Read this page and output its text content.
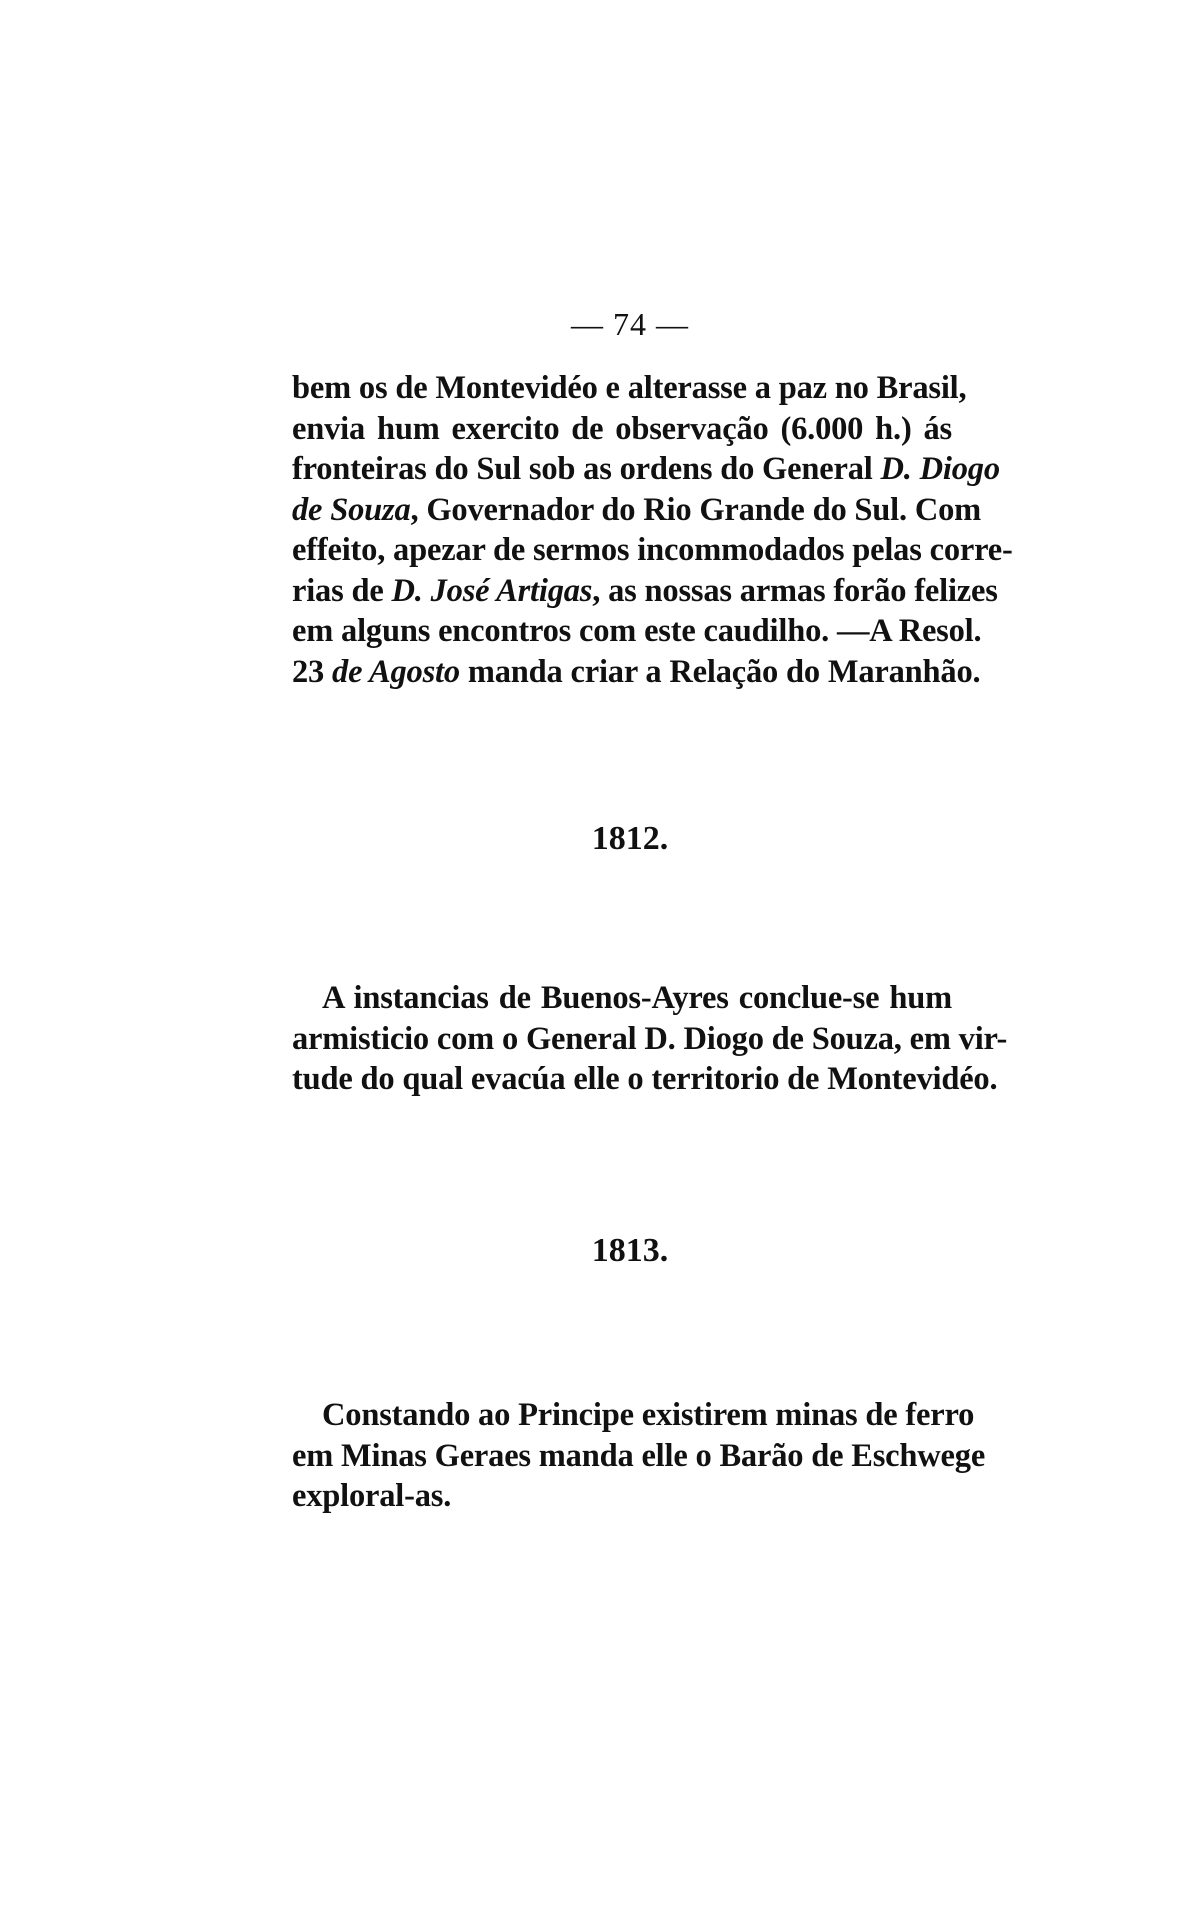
— 74 —
bem os de Montevidéo e alterasse a paz no Brasil,
envia hum exercito de observação (6.000 h.) ás
fronteiras do Sul sob as ordens do General D. Diogo
de Souza, Governador do Rio Grande do Sul. Com
effeito, apezar de sermos incommodados pelas corre-
rias de D. José Artigas, as nossas armas forão felizes
em alguns encontros com este caudilho. —A Resol.
23 de Agosto manda criar a Relação do Maranhão.
1812.
A instancias de Buenos-Ayres conclue-se hum
armisticio com o General D. Diogo de Souza, em vir-
tude do qual evacúa elle o territorio de Montevidéo.
1813.
Constando ao Principe existirem minas de ferro
em Minas Geraes manda elle o Barão de Eschwege
exploral-as.
